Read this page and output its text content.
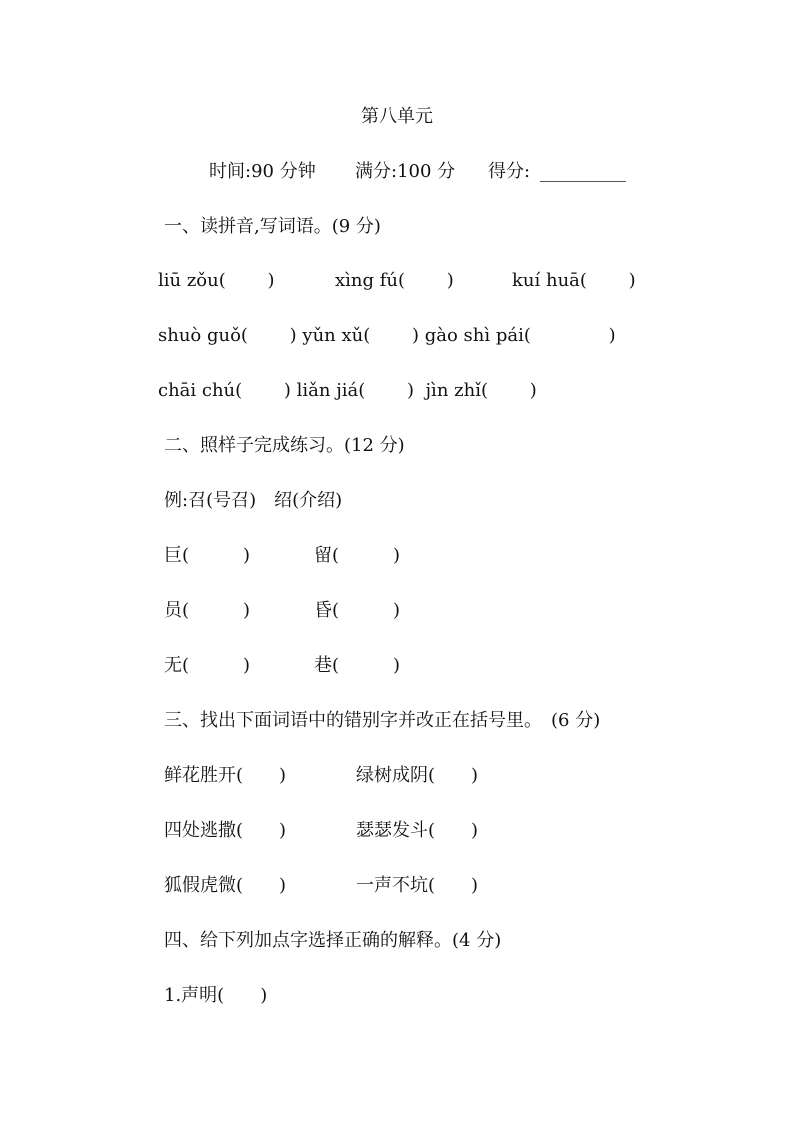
第八单元
时间:90 分钟 满分:100 分 得分:
一、读拼音,写词语。(9 分)
liū zǒu(　　 )	xìng fú(　　 )	kuí huā(　　 )
shuò guǒ(　　 ) yǔn xǔ(　　 ) gào shì pái(　　　　 )
chāi chú(　　 ) liǎn jiá(　　 )  jìn zhǐ(　　 )
二、照样子完成练习。(12 分)
例:召(号召)　绍(介绍)
巨(　　　)	留(　　　)
员(　　　)	昏(　　　)
无(　　　)	巷(　　　)
三、找出下面词语中的错别字并改正在括号里。　(6 分)
鲜花胜开(　　)	绿树成阴(　　)
四处逃撒(　　)	瑟瑟发斗(　　)
狐假虎微(　　)	一声不坑(　　)
四、给下列加点字选择正确的解释。(4 分)
1.声明(　　)
